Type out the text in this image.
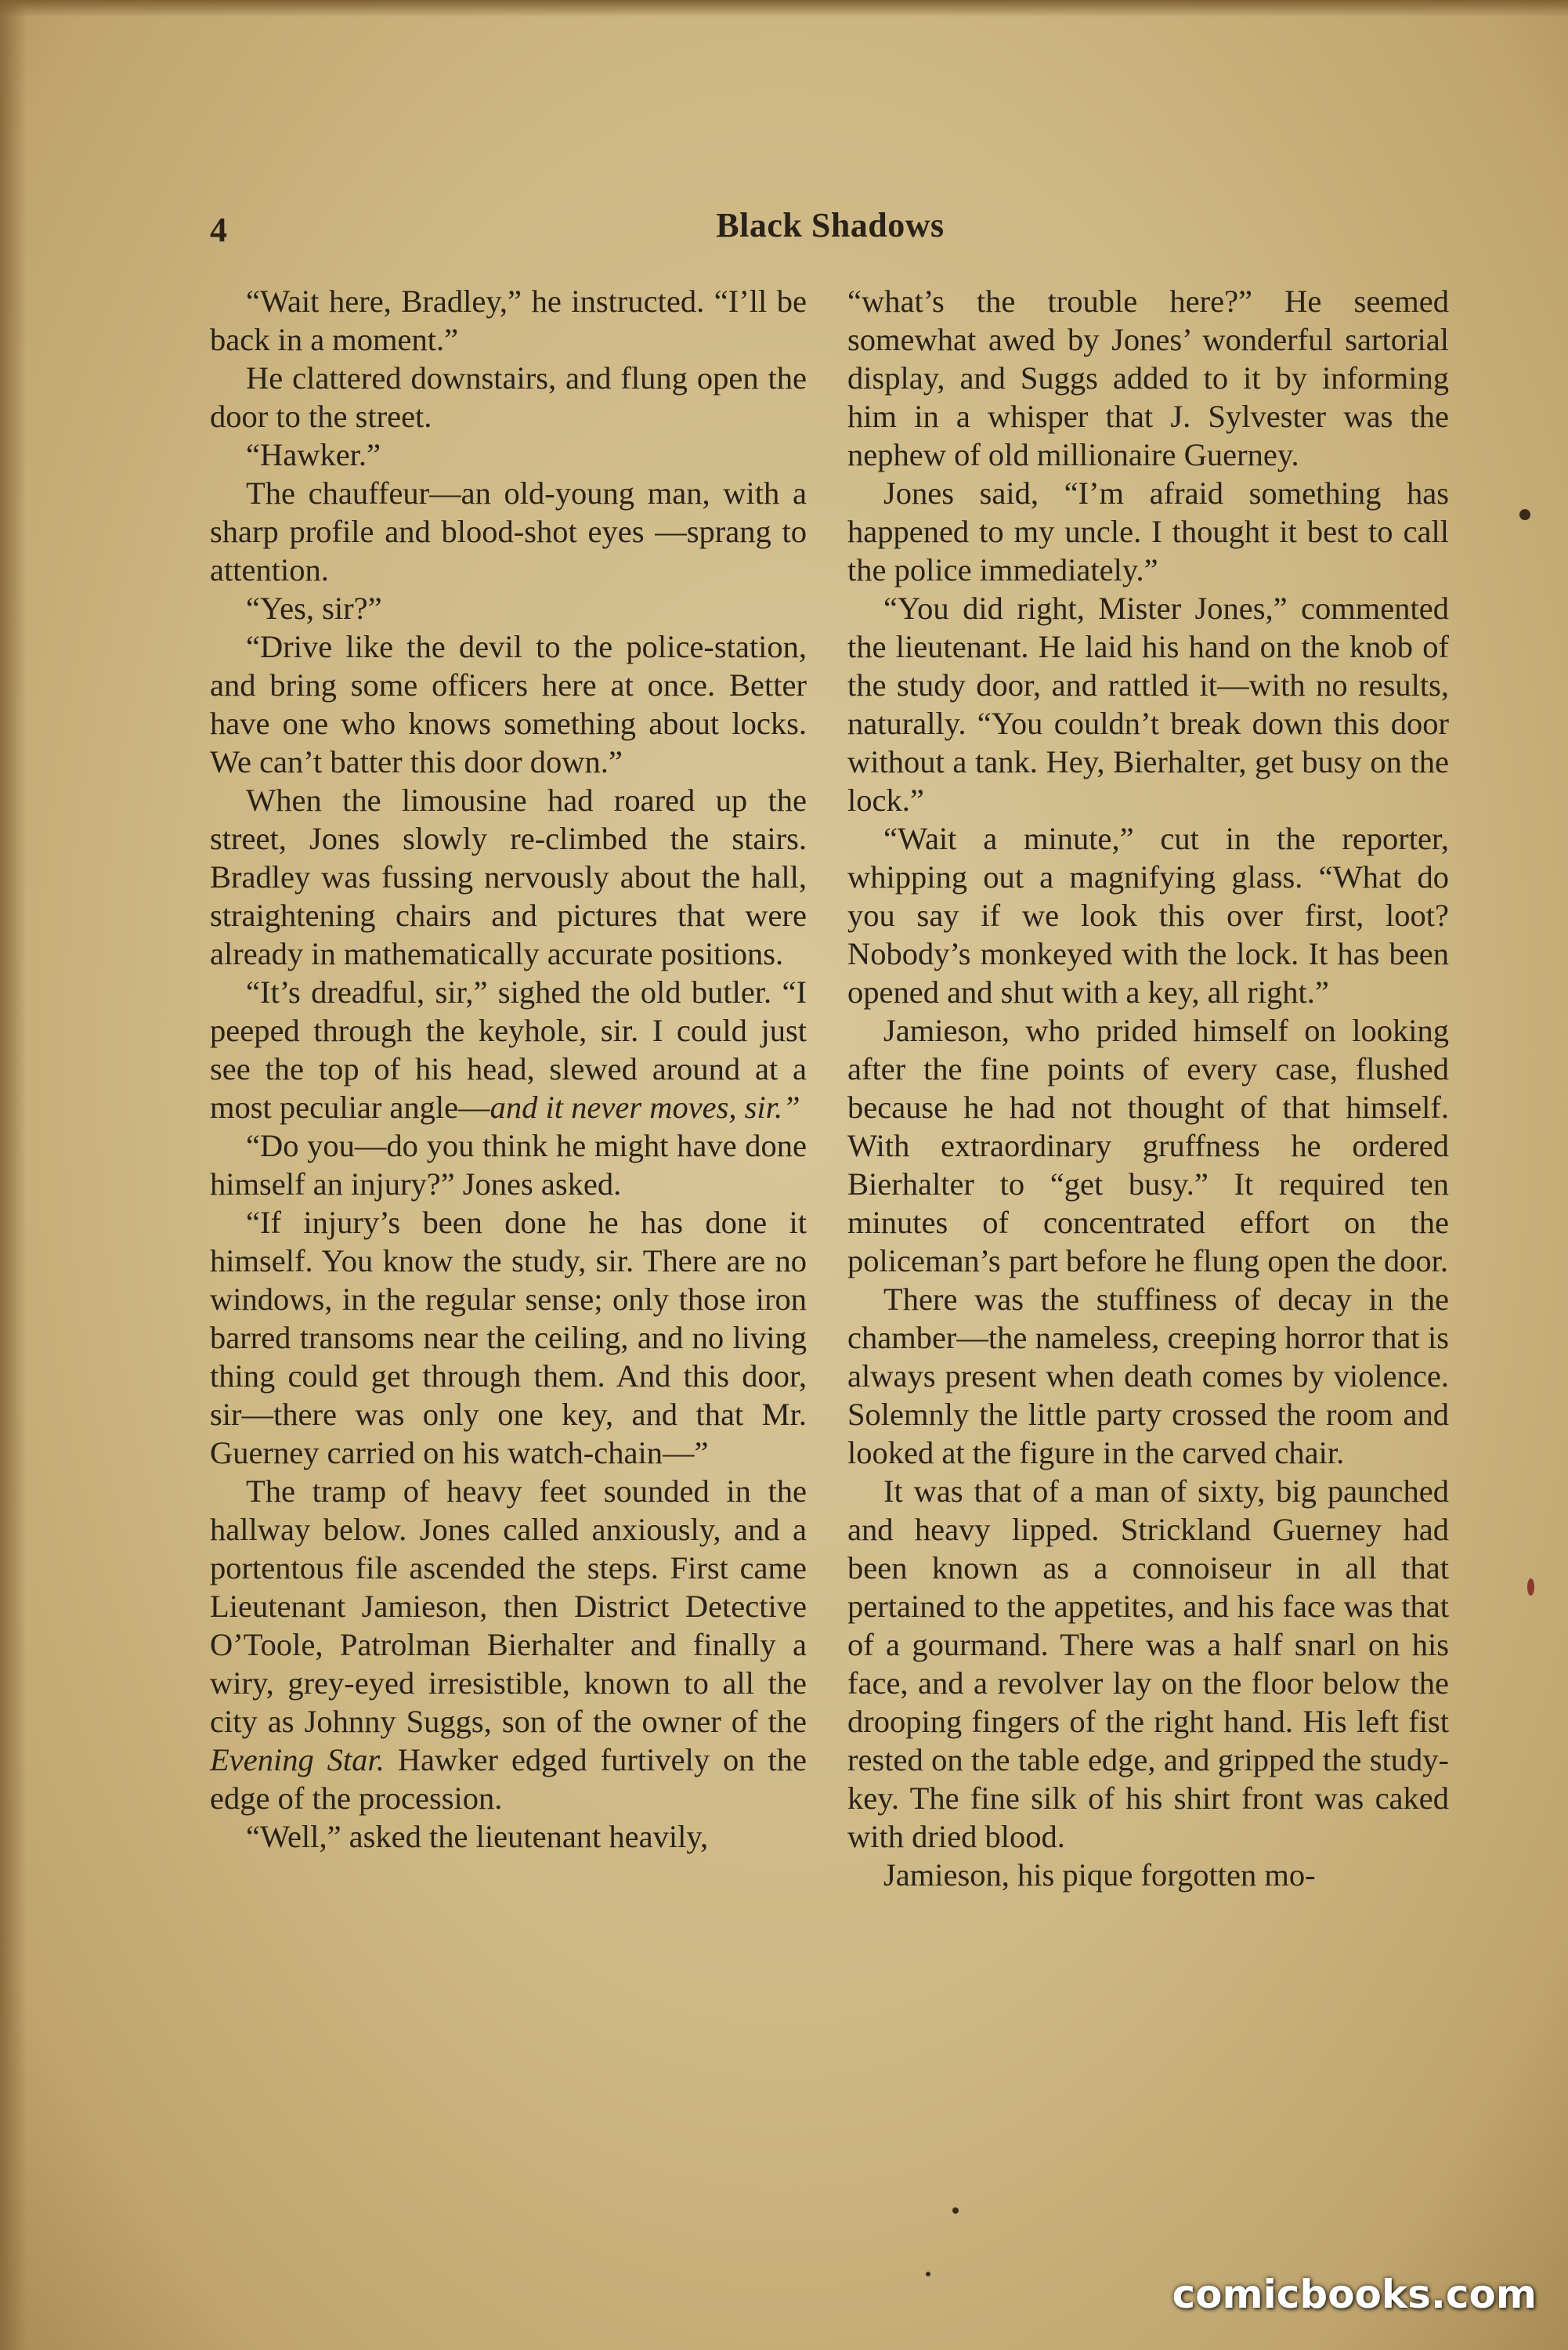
4	Black Shadows

“Wait here, Bradley,” he instructed. “I’ll be back in a moment.”

He clattered downstairs, and flung open the door to the street.

“Hawker.”

The chauffeur—an old-young man, with a sharp profile and blood-shot eyes —sprang to attention.

“Yes, sir?”

“Drive like the devil to the police-station, and bring some officers here at once. Better have one who knows something about locks. We can’t batter this door down.”

When the limousine had roared up the street, Jones slowly re-climbed the stairs. Bradley was fussing nervously about the hall, straightening chairs and pictures that were already in mathematically accurate positions.

“It’s dreadful, sir,” sighed the old butler. “I peeped through the keyhole, sir. I could just see the top of his head, slewed around at a most peculiar angle—and it never moves, sir.”

“Do you—do you think he might have done himself an injury?” Jones asked.

“If injury’s been done he has done it himself. You know the study, sir. There are no windows, in the regular sense; only those iron barred transoms near the ceiling, and no living thing could get through them. And this door, sir—there was only one key, and that Mr. Guerney carried on his watch-chain—”

The tramp of heavy feet sounded in the hallway below. Jones called anxiously, and a portentous file ascended the steps. First came Lieutenant Jamieson, then District Detective O’Toole, Patrolman Bierhalter and finally a wiry, grey-eyed irresistible, known to all the city as Johnny Suggs, son of the owner of the Evening Star. Hawker edged furtively on the edge of the procession.

“Well,” asked the lieutenant heavily,

“what’s the trouble here?” He seemed somewhat awed by Jones’ wonderful sartorial display, and Suggs added to it by informing him in a whisper that J. Sylvester was the nephew of old millionaire Guerney.

Jones said, “I’m afraid something has happened to my uncle. I thought it best to call the police immediately.”

“You did right, Mister Jones,” commented the lieutenant. He laid his hand on the knob of the study door, and rattled it—with no results, naturally. “You couldn’t break down this door without a tank. Hey, Bierhalter, get busy on the lock.”

“Wait a minute,” cut in the reporter, whipping out a magnifying glass. “What do you say if we look this over first, loot? Nobody’s monkeyed with the lock. It has been opened and shut with a key, all right.”

Jamieson, who prided himself on looking after the fine points of every case, flushed because he had not thought of that himself. With extraordinary gruffness he ordered Bierhalter to “get busy.” It required ten minutes of concentrated effort on the policeman’s part before he flung open the door.

There was the stuffiness of decay in the chamber—the nameless, creeping horror that is always present when death comes by violence. Solemnly the little party crossed the room and looked at the figure in the carved chair.

It was that of a man of sixty, big paunched and heavy lipped. Strickland Guerney had been known as a connoiseur in all that pertained to the appetites, and his face was that of a gourmand. There was a half snarl on his face, and a revolver lay on the floor below the drooping fingers of the right hand. His left fist rested on the table edge, and gripped the study-key. The fine silk of his shirt front was caked with dried blood.

Jamieson, his pique forgotten mo-

comicbooks.com
